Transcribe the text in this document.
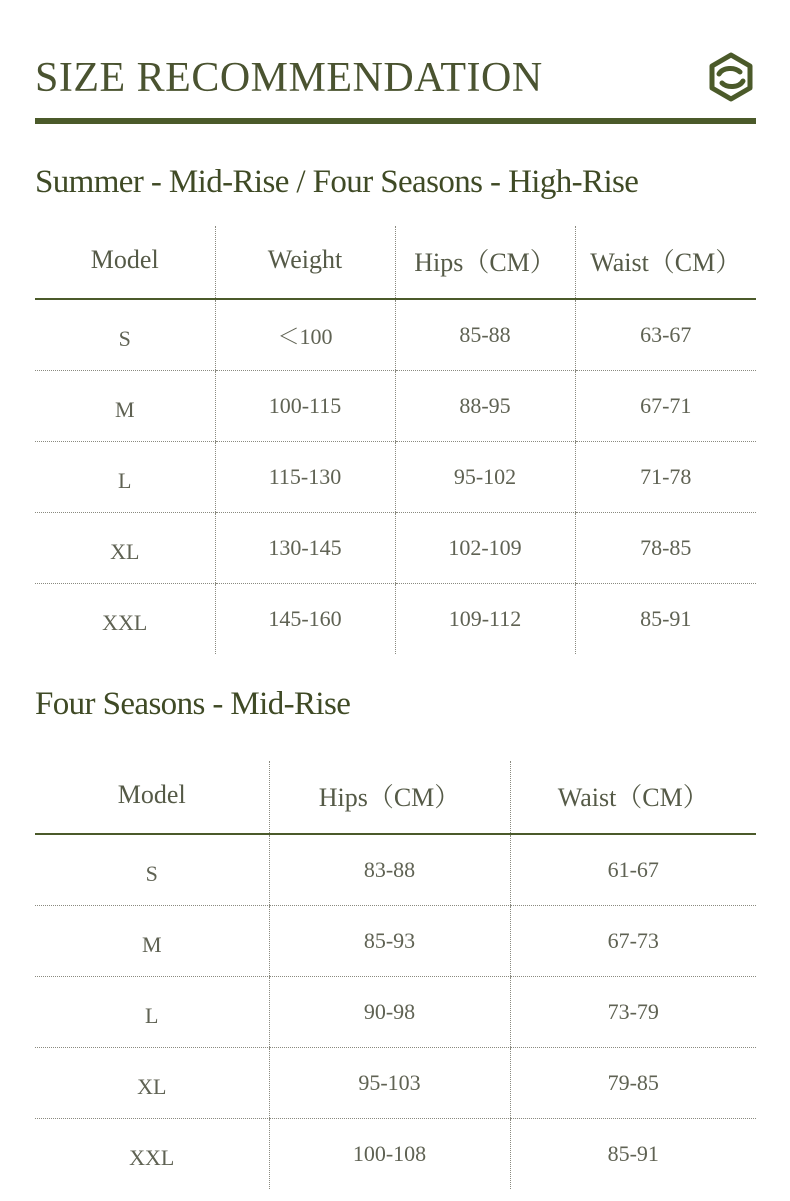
SIZE RECOMMENDATION
Summer - Mid-Rise / Four Seasons - High-Rise
Model	Weight	Hips（CM）	Waist（CM）
S	＜100	85-88	63-67
M	100-115	88-95	67-71
L	115-130	95-102	71-78
XL	130-145	102-109	78-85
XXL	145-160	109-112	85-91
Four Seasons - Mid-Rise
Model	Hips（CM）	Waist（CM）
S	83-88	61-67
M	85-93	67-73
L	90-98	73-79
XL	95-103	79-85
XXL	100-108	85-91
